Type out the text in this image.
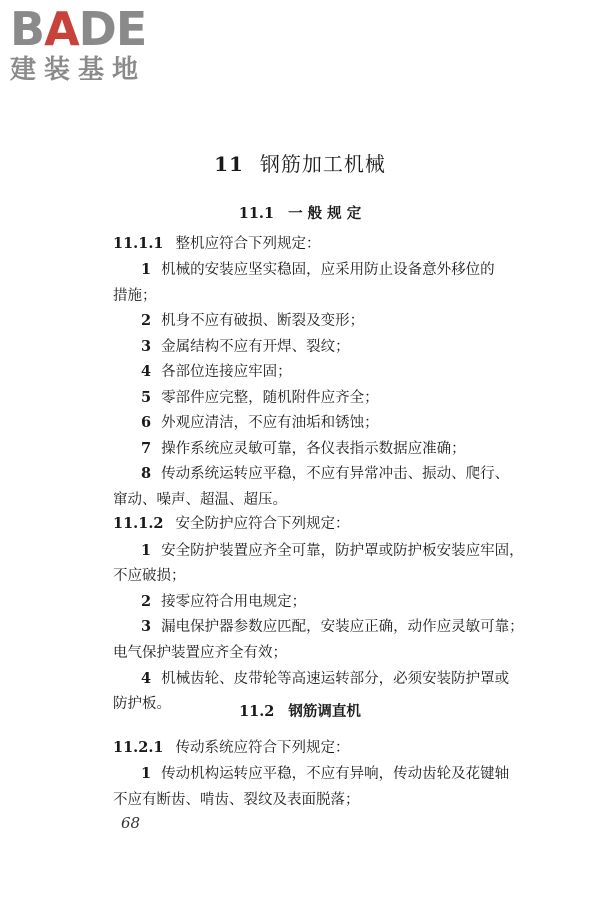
BADE
建装基地
11 钢筋加工机械
11.1 一 般 规 定
11.2 钢筋调直机
11.1.1 整机应符合下列规定：
1 机械的安装应坚实稳固，应采用防止设备意外移位的
措施；
2 机身不应有破损、断裂及变形；
3 金属结构不应有开焊、裂纹；
4 各部位连接应牢固；
5 零部件应完整，随机附件应齐全；
6 外观应清洁，不应有油垢和锈蚀；
7 操作系统应灵敏可靠，各仪表指示数据应准确；
8 传动系统运转应平稳，不应有异常冲击、振动、爬行、
窜动、噪声、超温、超压。
11.1.2 安全防护应符合下列规定：
1 安全防护装置应齐全可靠，防护罩或防护板安装应牢固，
不应破损；
2 接零应符合用电规定；
3 漏电保护器参数应匹配，安装应正确，动作应灵敏可靠；
电气保护装置应齐全有效；
4 机械齿轮、皮带轮等高速运转部分，必须安装防护罩或
防护板。
11.2.1 传动系统应符合下列规定：
1 传动机构运转应平稳，不应有异响，传动齿轮及花键轴
不应有断齿、啃齿、裂纹及表面脱落；
68
